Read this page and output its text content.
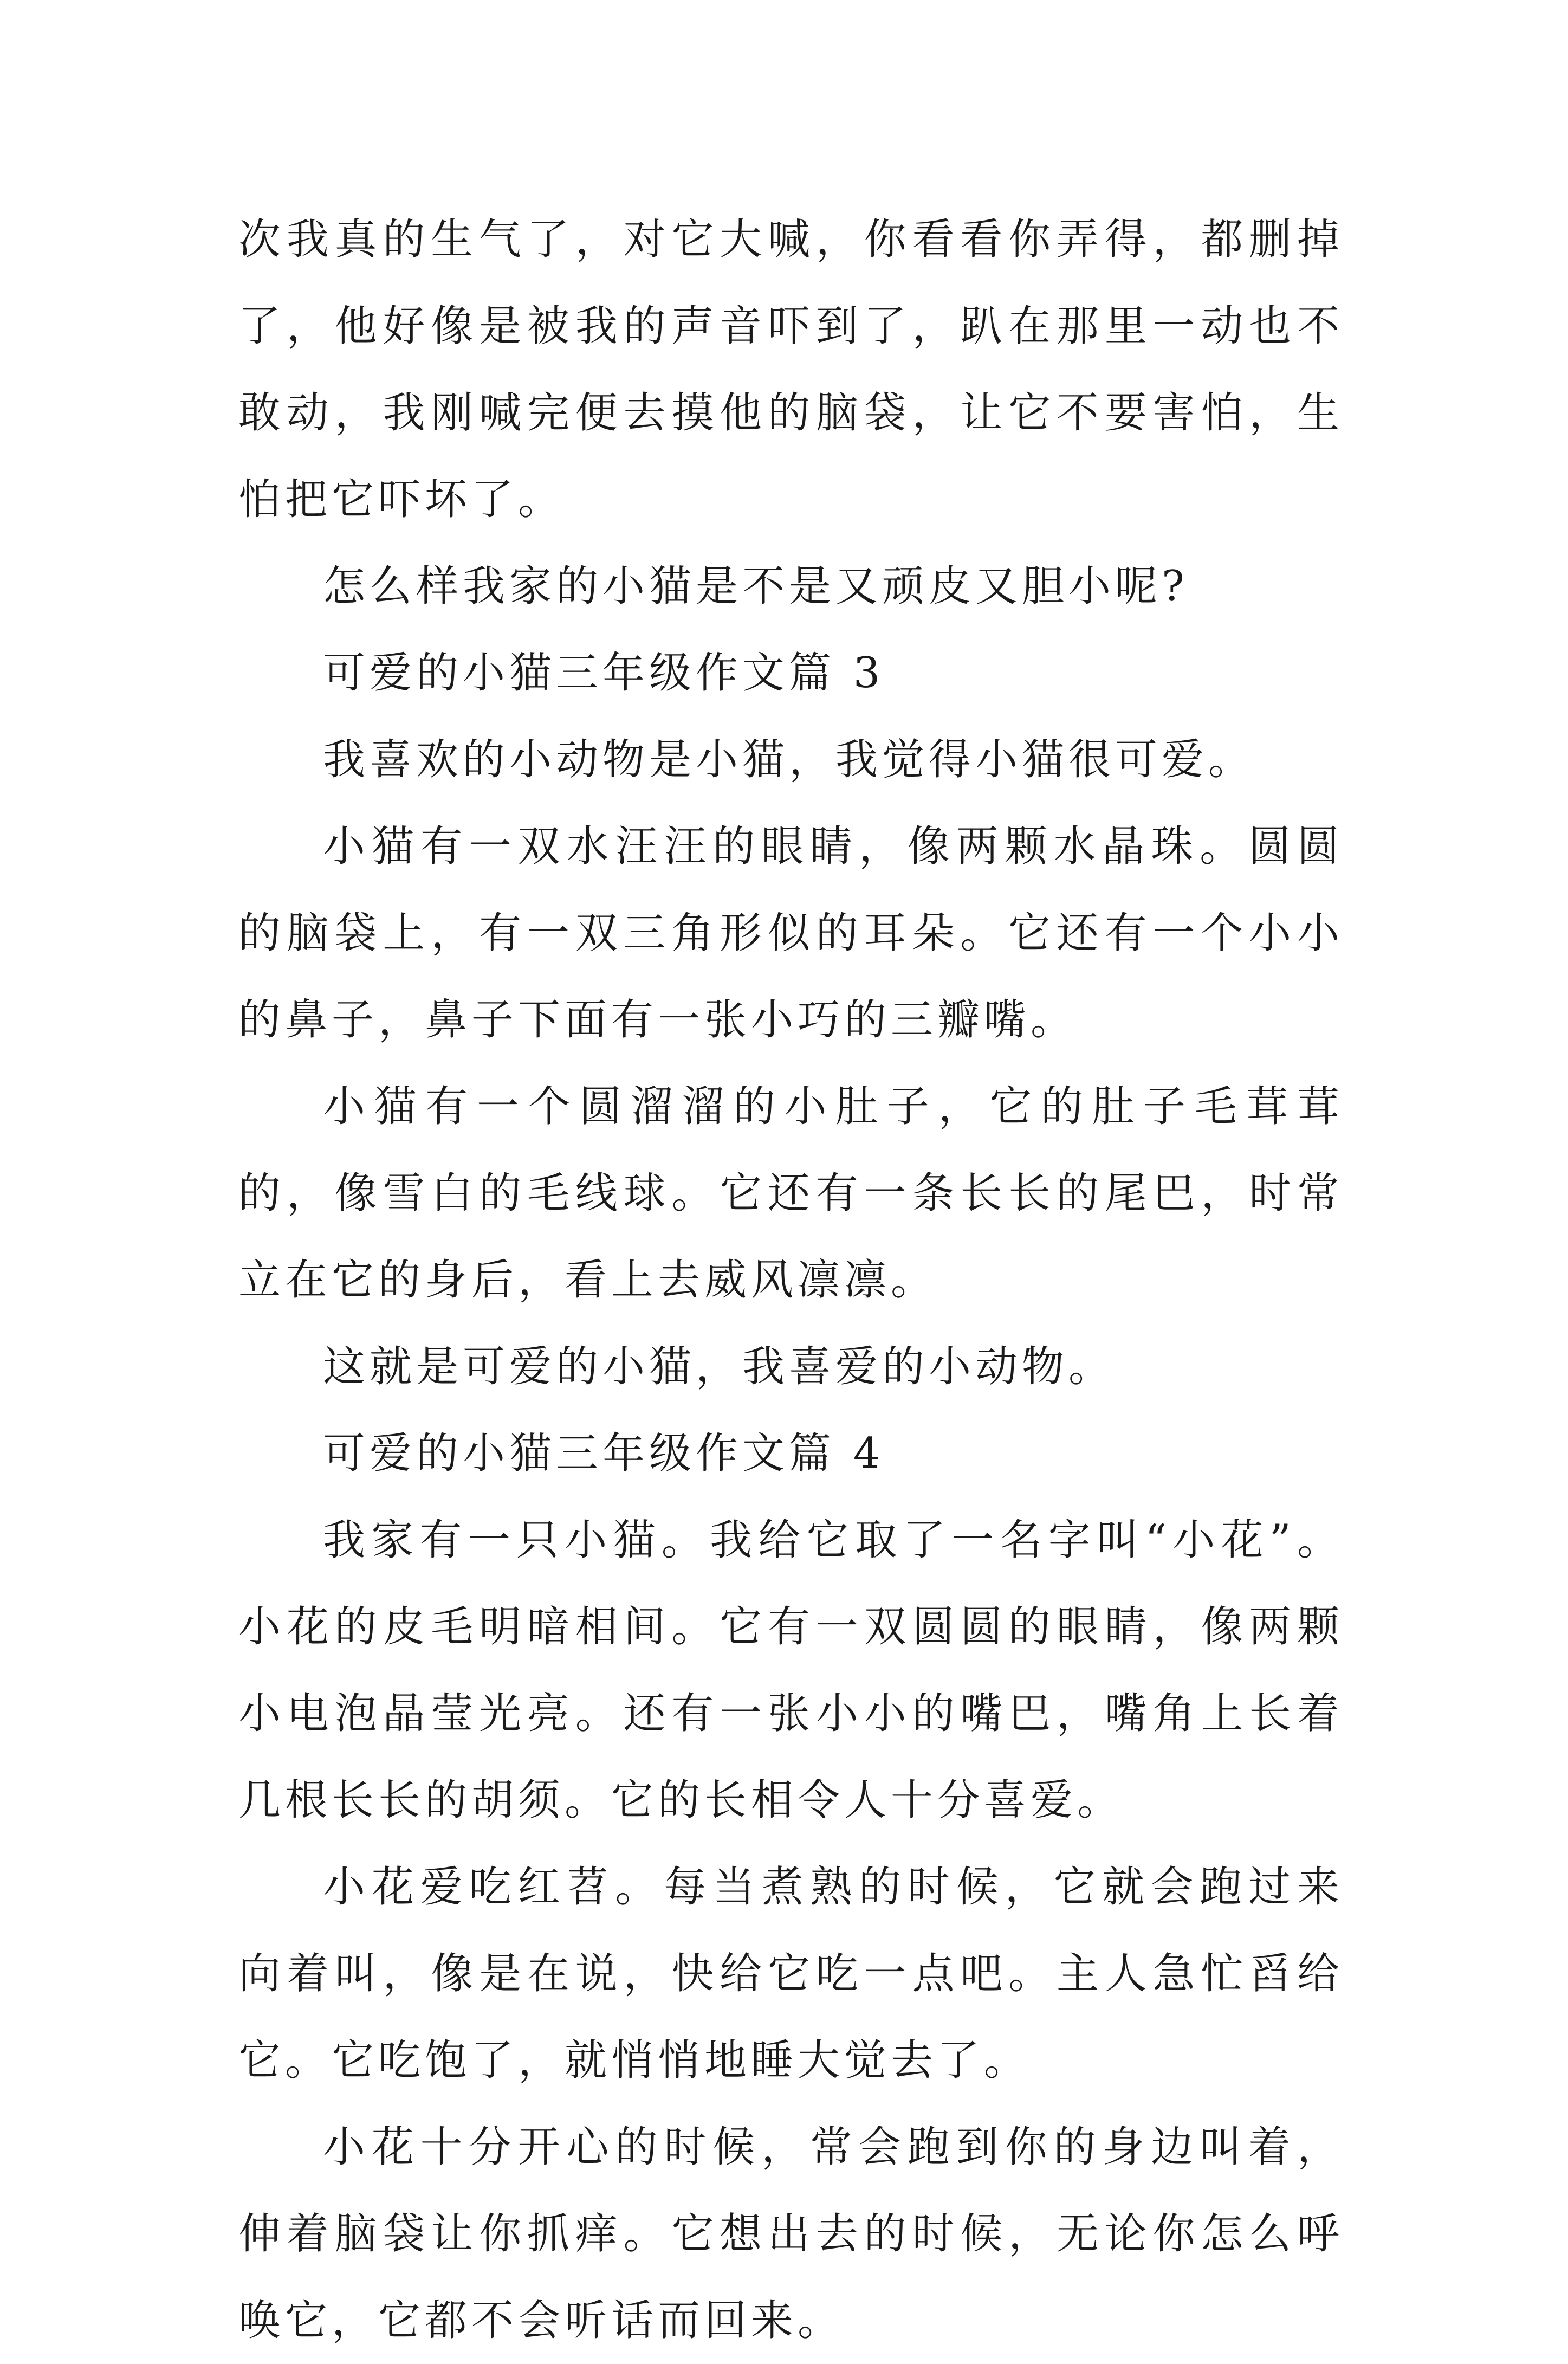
次我真的生气了，对它大喊，你看看你弄得，都删掉了，他好像是被我的声音吓到了，趴在那里一动也不敢动，我刚喊完便去摸他的脑袋，让它不要害怕，生怕把它吓坏了。

怎么样我家的小猫是不是又顽皮又胆小呢?

可爱的小猫三年级作文篇 3

我喜欢的小动物是小猫，我觉得小猫很可爱。

小猫有一双水汪汪的眼睛，像两颗水晶珠。圆圆的脑袋上，有一双三角形似的耳朵。它还有一个小小的鼻子，鼻子下面有一张小巧的三瓣嘴。

小猫有一个圆溜溜的小肚子，它的肚子毛茸茸的，像雪白的毛线球。它还有一条长长的尾巴，时常立在它的身后，看上去威风凛凛。

这就是可爱的小猫，我喜爱的小动物。

可爱的小猫三年级作文篇 4

我家有一只小猫。我给它取了一名字叫“小花”。小花的皮毛明暗相间。它有一双圆圆的眼睛，像两颗小电泡晶莹光亮。还有一张小小的嘴巴，嘴角上长着几根长长的胡须。它的长相令人十分喜爱。

小花爱吃红苕。每当煮熟的时候，它就会跑过来向着叫，像是在说，快给它吃一点吧。主人急忙舀给它。它吃饱了，就悄悄地睡大觉去了。

小花十分开心的时候，常会跑到你的身边叫着，伸着脑袋让你抓痒。它想出去的时候，无论你怎么呼唤它，它都不会听话而回来。
